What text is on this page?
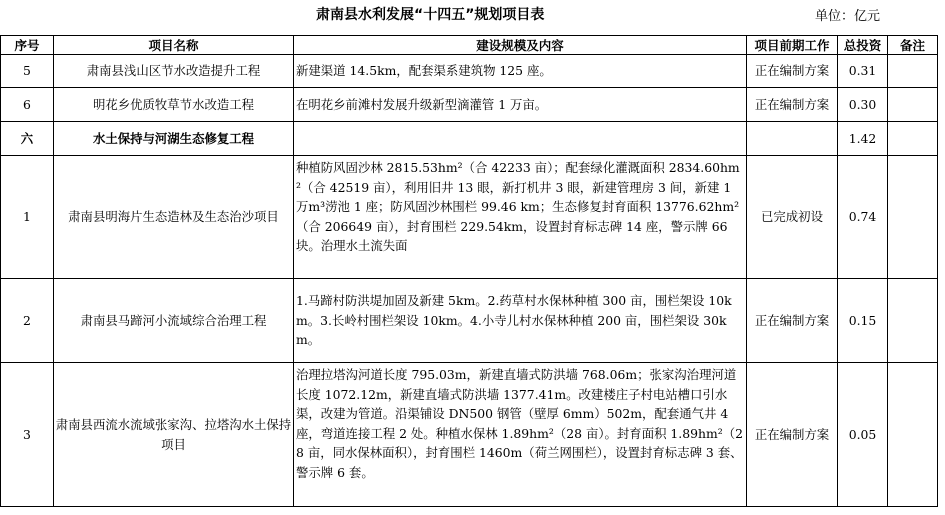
肃南县水利发展“十四五”规划项目表	单位：亿元
序号	项目名称	建设规模及内容	项目前期工作	总投资	备注
5	肃南县浅山区节水改造提升工程	新建渠道 14.5km，配套渠系建筑物 125 座。	正在编制方案	0.31	
6	明花乡优质牧草节水改造工程	在明花乡前滩村发展升级新型滴灌管 1 万亩。	正在编制方案	0.30	
六	水土保持与河湖生态修复工程			1.42	
1	肃南县明海片生态造林及生态治沙项目	种植防风固沙林 2815.53hm²（合 42233 亩）；配套绿化灌溉面积 2834.60hm²（合 42519 亩），利用旧井 13 眼，新打机井 3 眼，新建管理房 3 间，新建 1 万m³涝池 1 座；防风固沙林围栏 99.46 km；生态修复封育面积 13776.62hm²（合 206649 亩），封育围栏 229.54km，设置封育标志碑 14 座，警示牌 66 块。治理水土流失面	已完成初设	0.74	
2	肃南县马蹄河小流域综合治理工程	1.马蹄村防洪堤加固及新建 5km。2.药草村水保林种植 300 亩，围栏架设 10km。3.长岭村围栏架设 10km。4.小寺儿村水保林种植 200 亩，围栏架设 30km。	正在编制方案	0.15	
3	肃南县西流水流域张家沟、拉塔沟水土保持项目	治理拉塔沟河道长度 795.03m，新建直墙式防洪墙 768.06m；张家沟治理河道长度 1072.12m，新建直墙式防洪墙 1377.41m。改建楼庄子村电站槽口引水渠，改建为管道。沿渠铺设 DN500 钢管（壁厚 6mm）502m，配套通气井 4 座，弯道连接工程 2 处。种植水保林 1.89hm²（28 亩）。封育面积 1.89hm²（28 亩，同水保林面积），封育围栏 1460m（荷兰网围栏），设置封育标志碑 3 套、警示牌 6 套。	正在编制方案	0.05	
